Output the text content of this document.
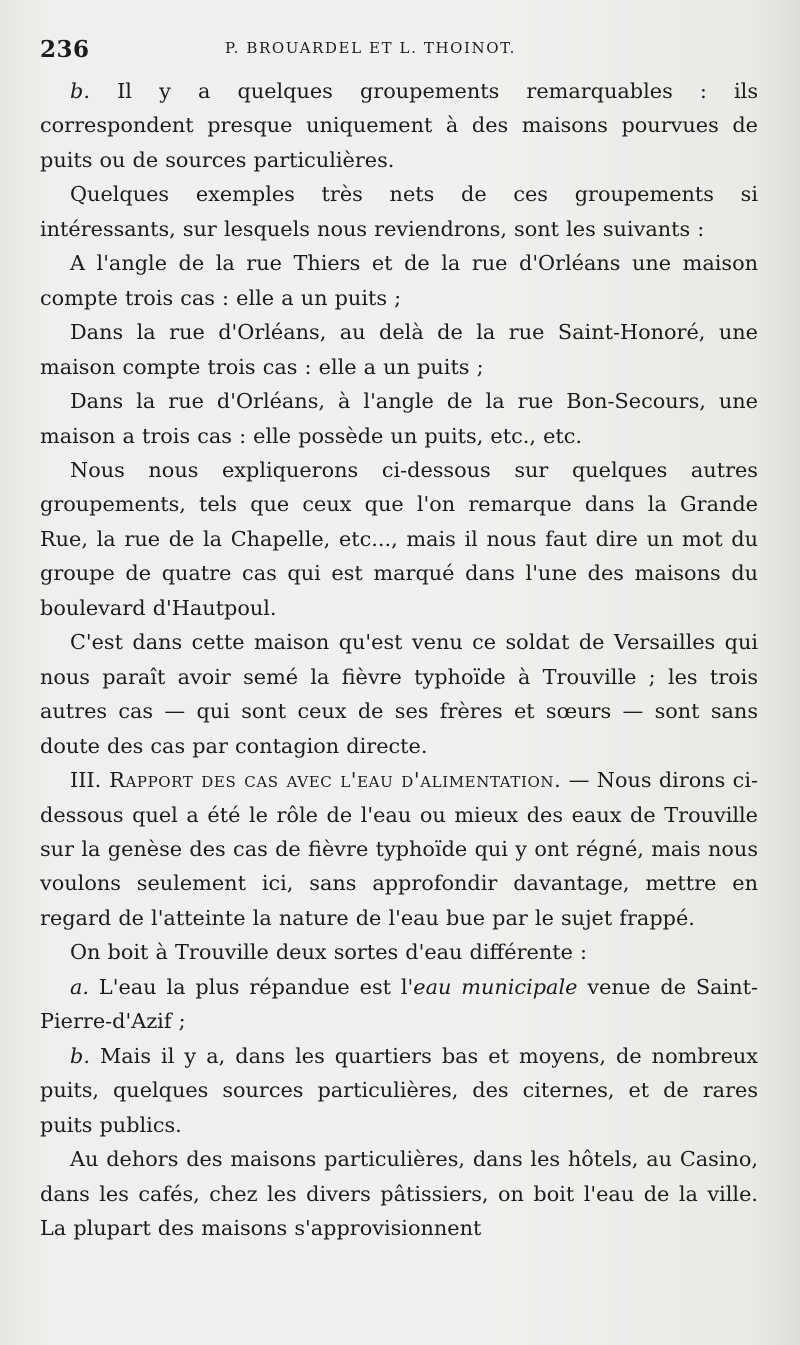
236	P. BROUARDEL ET L. THOINOT.

b. Il y a quelques groupements remarquables : ils correspondent presque uniquement à des maisons pourvues de puits ou de sources particulières.

Quelques exemples très nets de ces groupements si intéressants, sur lesquels nous reviendrons, sont les suivants :

A l'angle de la rue Thiers et de la rue d'Orléans une maison compte trois cas : elle a un puits ;

Dans la rue d'Orléans, au delà de la rue Saint-Honoré, une maison compte trois cas : elle a un puits ;

Dans la rue d'Orléans, à l'angle de la rue Bon-Secours, une maison a trois cas : elle possède un puits, etc., etc.

Nous nous expliquerons ci-dessous sur quelques autres groupements, tels que ceux que l'on remarque dans la Grande Rue, la rue de la Chapelle, etc..., mais il nous faut dire un mot du groupe de quatre cas qui est marqué dans l'une des maisons du boulevard d'Hautpoul.

C'est dans cette maison qu'est venu ce soldat de Versailles qui nous paraît avoir semé la fièvre typhoïde à Trouville ; les trois autres cas — qui sont ceux de ses frères et sœurs — sont sans doute des cas par contagion directe.

III. Rapport des cas avec l'eau d'alimentation. — Nous dirons ci-dessous quel a été le rôle de l'eau ou mieux des eaux de Trouville sur la genèse des cas de fièvre typhoïde qui y ont régné, mais nous voulons seulement ici, sans approfondir davantage, mettre en regard de l'atteinte la nature de l'eau bue par le sujet frappé.

On boit à Trouville deux sortes d'eau différente :

a. L'eau la plus répandue est l'eau municipale venue de Saint-Pierre-d'Azif ;

b. Mais il y a, dans les quartiers bas et moyens, de nombreux puits, quelques sources particulières, des citernes, et de rares puits publics.

Au dehors des maisons particulières, dans les hôtels, au Casino, dans les cafés, chez les divers pâtissiers, on boit l'eau de la ville. La plupart des maisons s'approvisionnent
